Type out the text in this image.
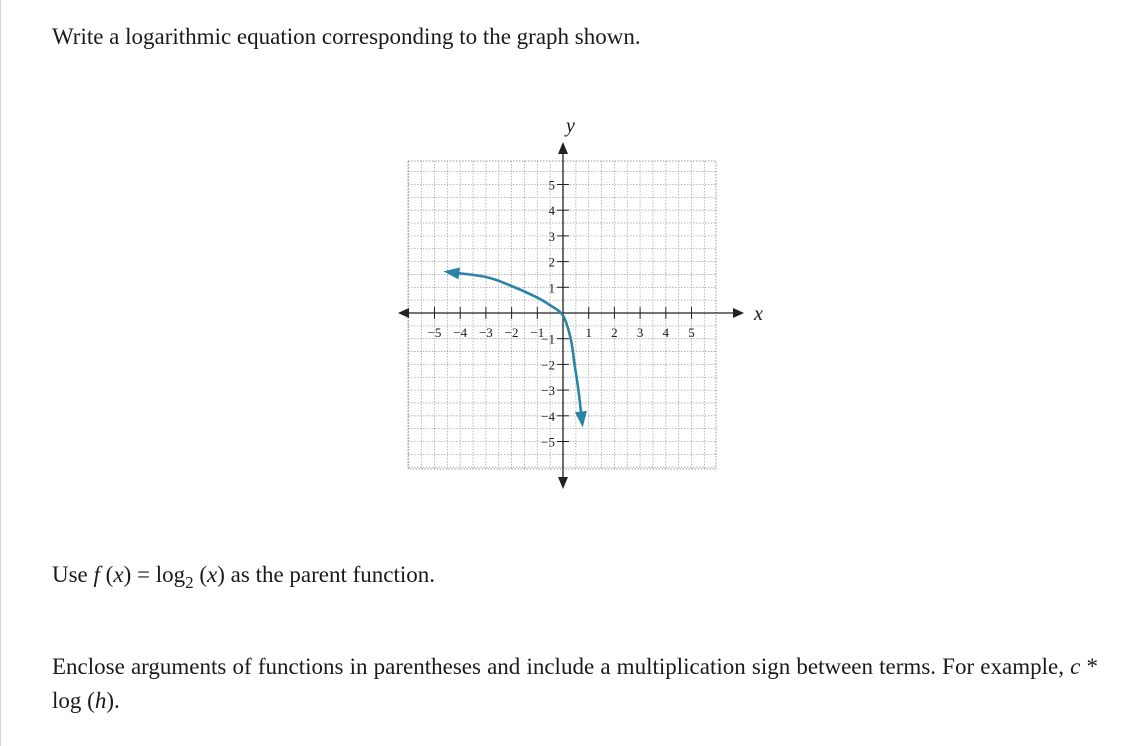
Write a logarithmic equation corresponding to the graph shown.

x
y
−5 −4 −3 −2 −1	1 2 3 4 5
5
4
3
2
1
−1
−2
−3
−4
−5

Use f $(x) = \log_2 (x)$ as the parent function.

Enclose arguments of functions in parentheses and include a multiplication sign between terms. For example, c * log (h).
